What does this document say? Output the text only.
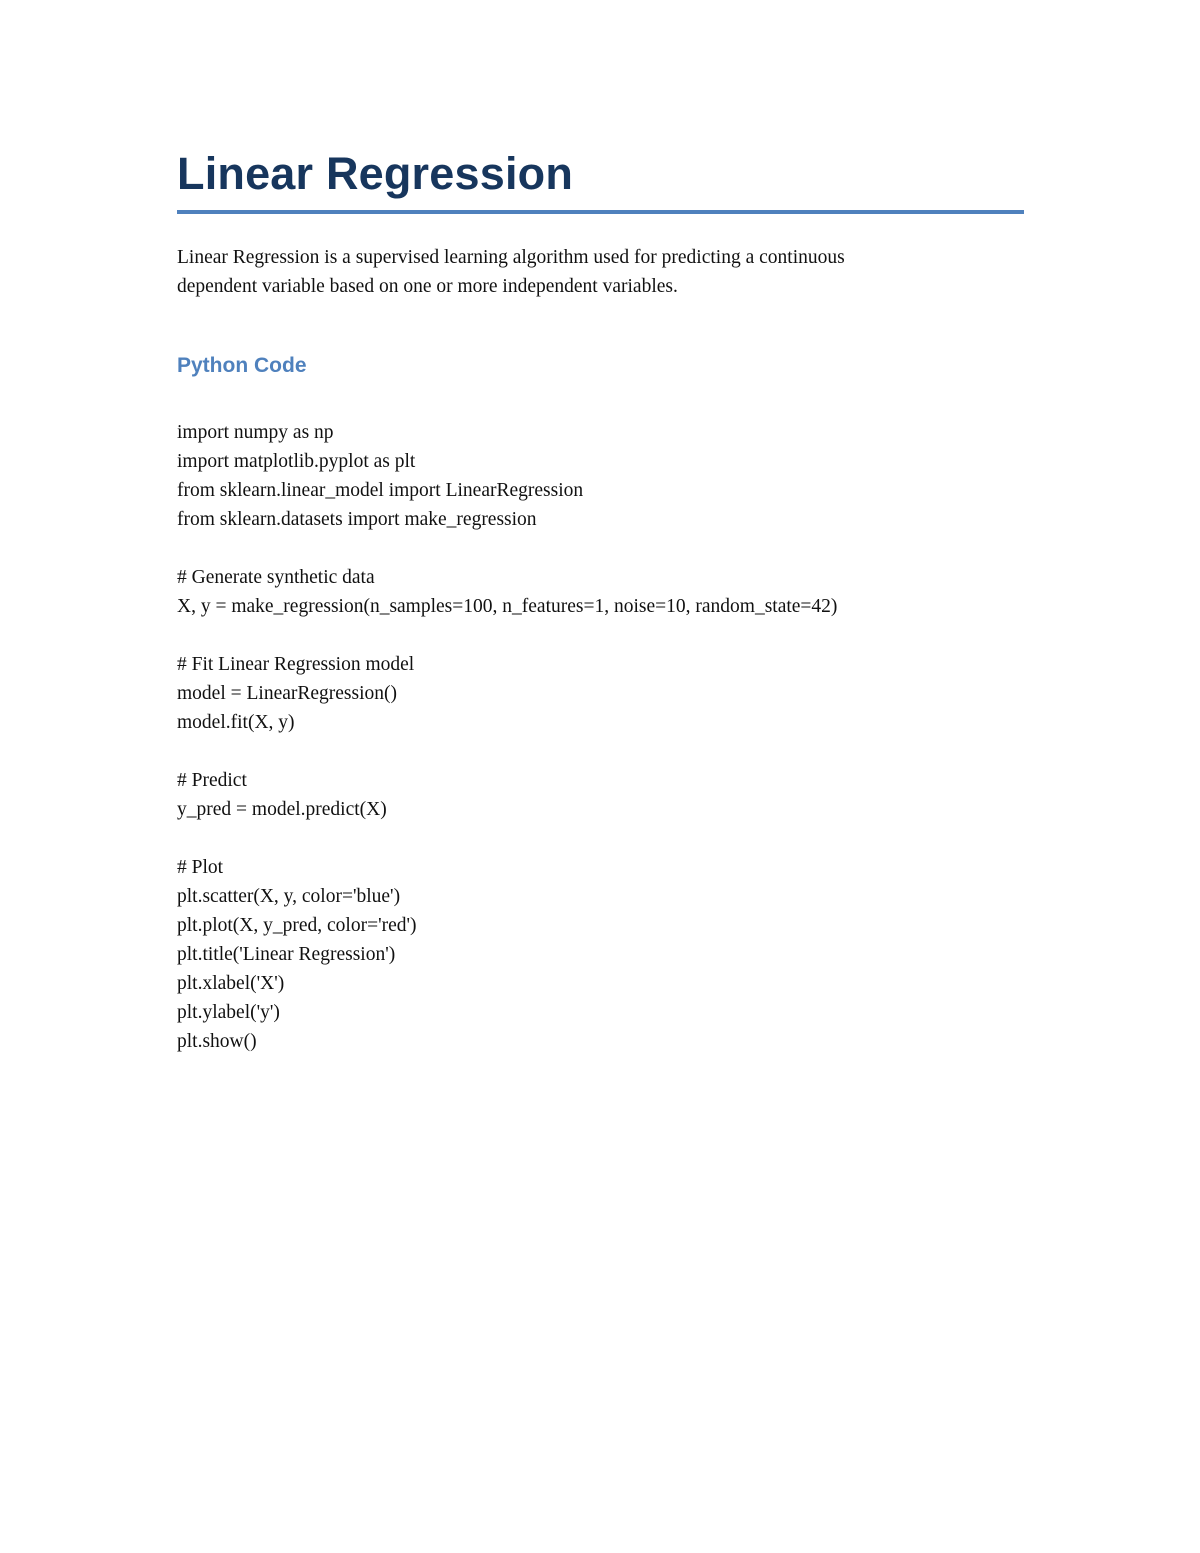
Linear Regression
Linear Regression is a supervised learning algorithm used for predicting a continuous
dependent variable based on one or more independent variables.
Python Code
import numpy as np
import matplotlib.pyplot as plt
from sklearn.linear_model import LinearRegression
from sklearn.datasets import make_regression
# Generate synthetic data
X, y = make_regression(n_samples=100, n_features=1, noise=10, random_state=42)
# Fit Linear Regression model
model = LinearRegression()
model.fit(X, y)
# Predict
y_pred = model.predict(X)
# Plot
plt.scatter(X, y, color='blue')
plt.plot(X, y_pred, color='red')
plt.title('Linear Regression')
plt.xlabel('X')
plt.ylabel('y')
plt.show()
